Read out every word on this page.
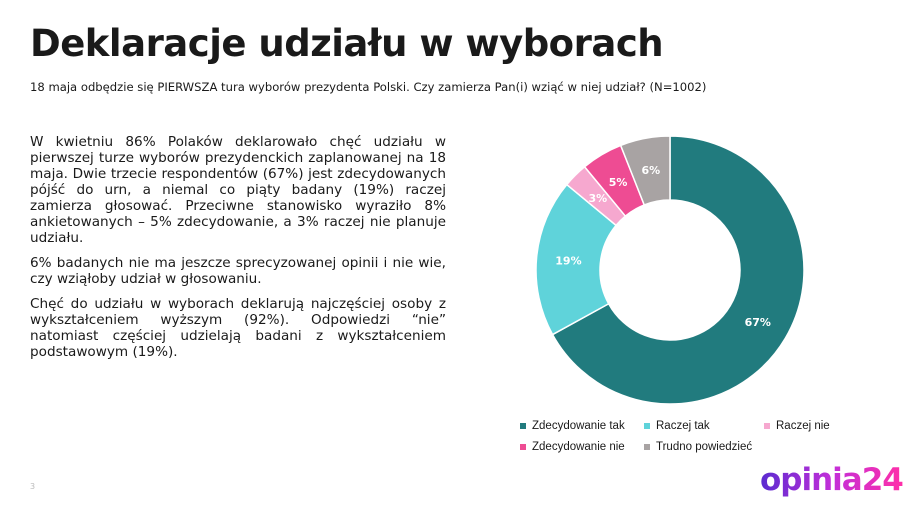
Deklaracje udziału w wyborach
18 maja odbędzie się PIERWSZA tura wyborów prezydenta Polski. Czy zamierza Pan(i) wziąć w niej udział? (N=1002)

W kwietniu 86% Polaków deklarowało chęć udziału w pierwszej turze wyborów prezydenckich zaplanowanej na 18 maja. Dwie trzecie respondentów (67%) jest zdecydowanych pójść do urn, a niemal co piąty badany (19%) raczej zamierza głosować. Przeciwne stanowisko wyraziło 8% ankietowanych – 5% zdecydowanie, a 3% raczej nie planuje udziału.

6% badanych nie ma jeszcze sprecyzowanej opinii i nie wie, czy wziąłoby udział w głosowaniu.

Chęć do udziału w wyborach deklarują najczęściej osoby z wykształceniem wyższym (92%). Odpowiedzi “nie” natomiast częściej udzielają badani z wykształceniem podstawowym (19%).

67%
19%
3%
5%
6%
Zdecydowanie tak	Raczej tak	Raczej nie
Zdecydowanie nie	Trudno powiedzieć
3	opinia24
